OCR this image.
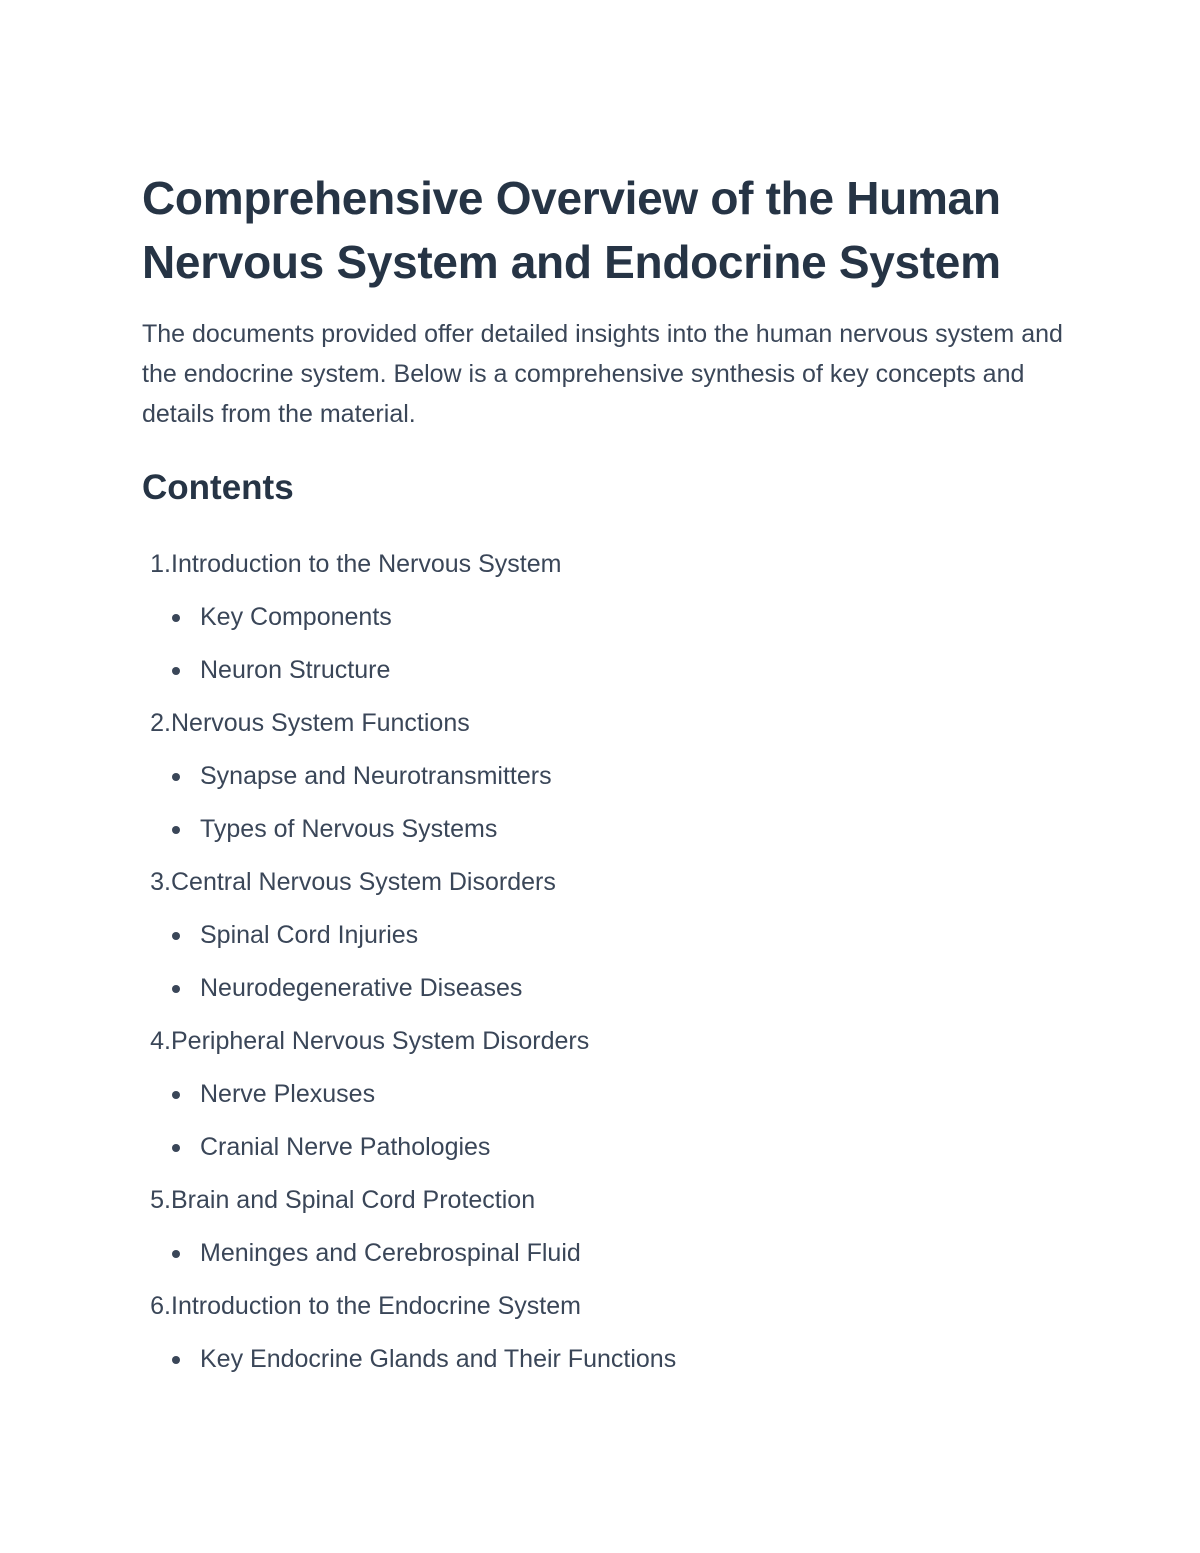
Comprehensive Overview of the Human Nervous System and Endocrine System

The documents provided offer detailed insights into the human nervous system and the endocrine system. Below is a comprehensive synthesis of key concepts and details from the material.

Contents
1. Introduction to the Nervous System
Key Components
Neuron Structure
2. Nervous System Functions
Synapse and Neurotransmitters
Types of Nervous Systems
3. Central Nervous System Disorders
Spinal Cord Injuries
Neurodegenerative Diseases
4. Peripheral Nervous System Disorders
Nerve Plexuses
Cranial Nerve Pathologies
5. Brain and Spinal Cord Protection
Meninges and Cerebrospinal Fluid
6. Introduction to the Endocrine System
Key Endocrine Glands and Their Functions
